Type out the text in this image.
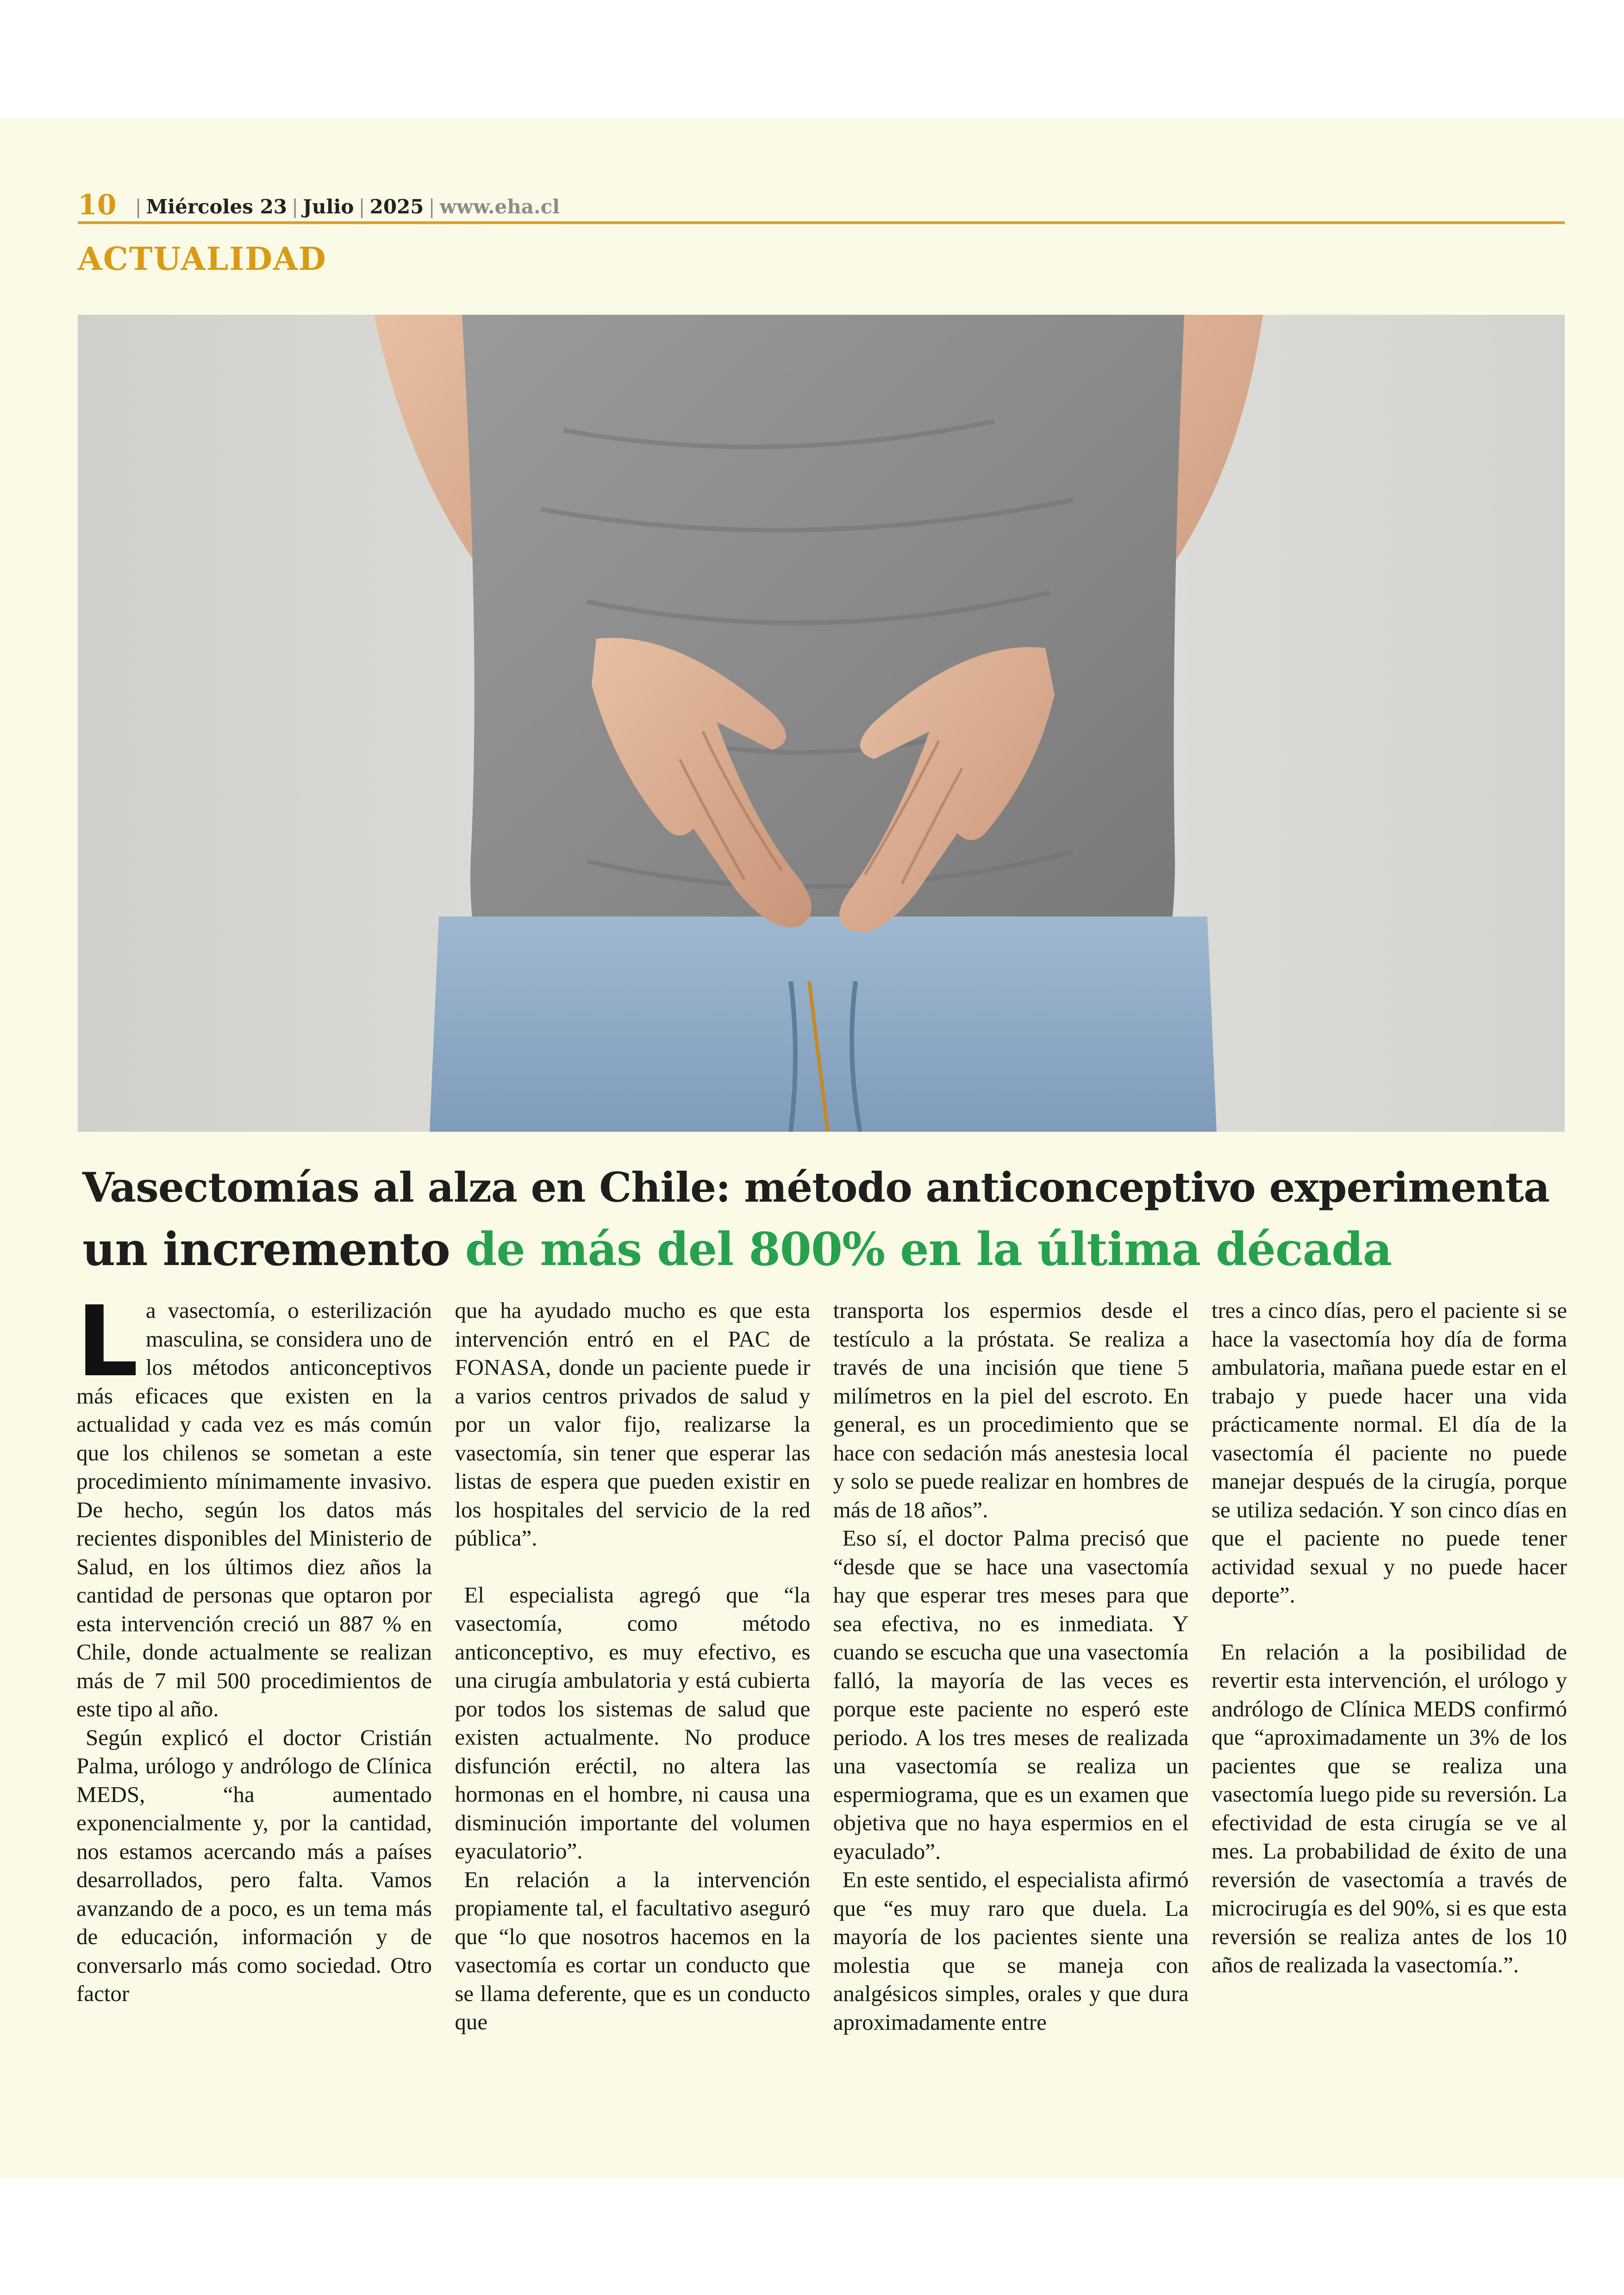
10 | Miércoles 23 | Julio | 2025 | www.eha.cl
ACTUALIDAD
Vasectomías al alza en Chile: método anticonceptivo experimenta
un incremento de más del 800% en la última década

La vasectomía, o esterilización masculina, se considera uno de los métodos anticonceptivos más eficaces que existen en la actualidad y cada vez es más común que los chilenos se sometan a este procedimiento mínimamente invasivo. De hecho, según los datos más recientes disponibles del Ministerio de Salud, en los últimos diez años la cantidad de personas que optaron por esta intervención creció un 887 % en Chile, donde actualmente se realizan más de 7 mil 500 procedimientos de este tipo al año.

Según explicó el doctor Cristián Palma, urólogo y andrólogo de Clínica MEDS, “ha aumentado exponencialmente y, por la cantidad, nos estamos acercando más a países desarrollados, pero falta. Vamos avanzando de a poco, es un tema más de educación, información y de conversarlo más como sociedad. Otro factor

que ha ayudado mucho es que esta intervención entró en el PAC de FONASA, donde un paciente puede ir a varios centros privados de salud y por un valor fijo, realizarse la vasectomía, sin tener que esperar las listas de espera que pueden existir en los hospitales del servicio de la red pública”.

El especialista agregó que “la vasectomía, como método anticonceptivo, es muy efectivo, es una cirugía ambulatoria y está cubierta por todos los sistemas de salud que existen actualmente. No produce disfunción eréctil, no altera las hormonas en el hombre, ni causa una disminución importante del volumen eyaculatorio”.

En relación a la intervención propiamente tal, el facultativo aseguró que “lo que nosotros hacemos en la vasectomía es cortar un conducto que se llama deferente, que es un conducto que

transporta los espermios desde el testículo a la próstata. Se realiza a través de una incisión que tiene 5 milímetros en la piel del escroto. En general, es un procedimiento que se hace con sedación más anestesia local y solo se puede realizar en hombres de más de 18 años”.

Eso sí, el doctor Palma precisó que “desde que se hace una vasectomía hay que esperar tres meses para que sea efectiva, no es inmediata. Y cuando se escucha que una vasectomía falló, la mayoría de las veces es porque este paciente no esperó este periodo. A los tres meses de realizada una vasectomía se realiza un espermiograma, que es un examen que objetiva que no haya espermios en el eyaculado”.

En este sentido, el especialista afirmó que “es muy raro que duela. La mayoría de los pacientes siente una molestia que se maneja con analgésicos simples, orales y que dura aproximadamente entre

tres a cinco días, pero el paciente si se hace la vasectomía hoy día de forma ambulatoria, mañana puede estar en el trabajo y puede hacer una vida prácticamente normal. El día de la vasectomía él paciente no puede manejar después de la cirugía, porque se utiliza sedación. Y son cinco días en que el paciente no puede tener actividad sexual y no puede hacer deporte”.

En relación a la posibilidad de revertir esta intervención, el urólogo y andrólogo de Clínica MEDS confirmó que “aproximadamente un 3% de los pacientes que se realiza una vasectomía luego pide su reversión. La efectividad de esta cirugía se ve al mes. La probabilidad de éxito de una reversión de vasectomía a través de microcirugía es del 90%, si es que esta reversión se realiza antes de los 10 años de realizada la vasectomía.”.
